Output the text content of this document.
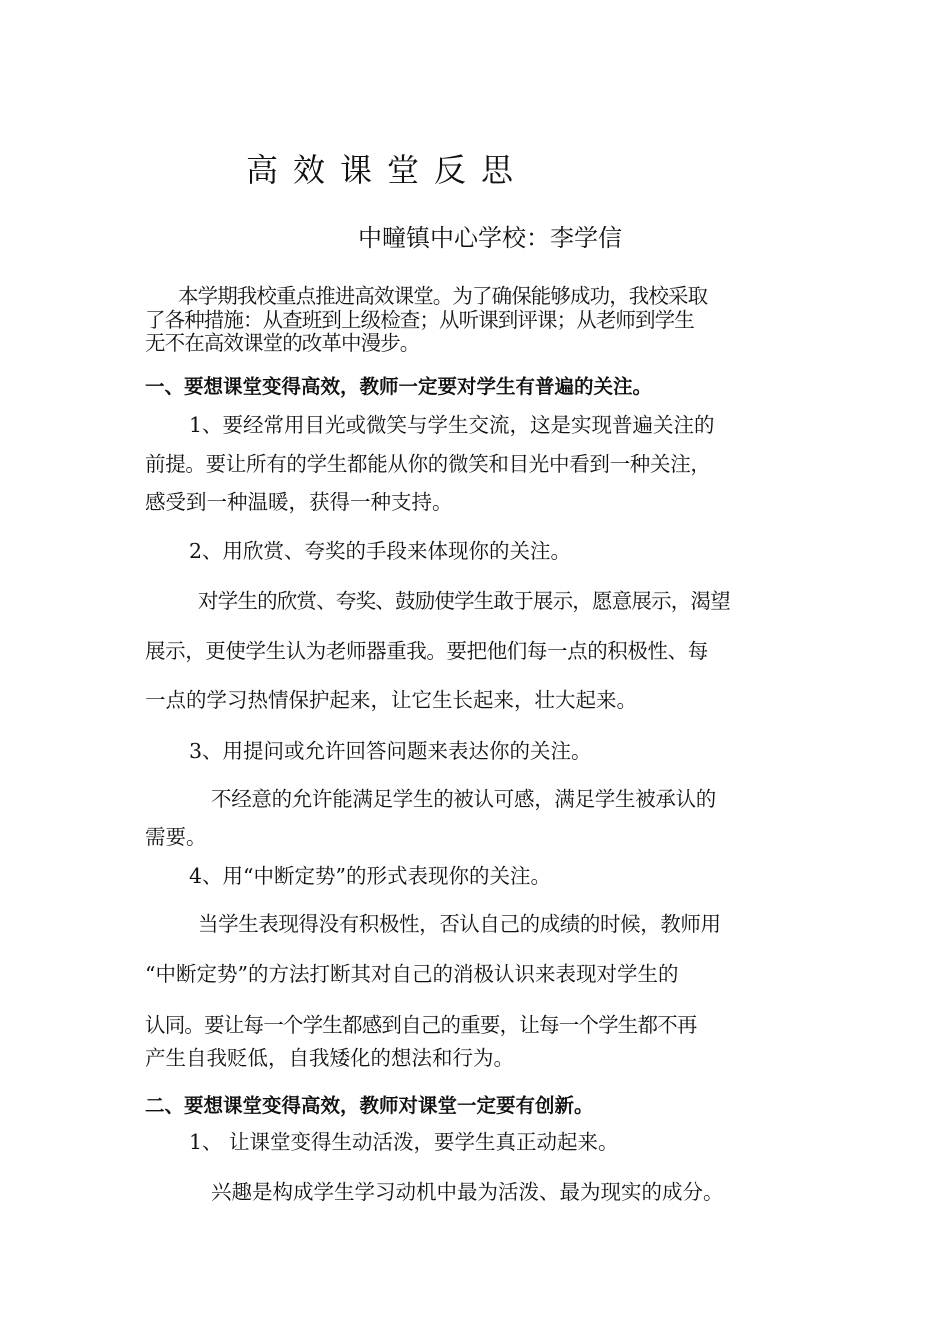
高效课堂反思
中疃镇中心学校：李学信
本学期我校重点推进高效课堂。为了确保能够成功，我校采取
了各种措施：从查班到上级检查；从听课到评课；从老师到学生
无不在高效课堂的改革中漫步。
一、要想课堂变得高效，教师一定要对学生有普遍的关注。
1、要经常用目光或微笑与学生交流，这是实现普遍关注的
前提。要让所有的学生都能从你的微笑和目光中看到一种关注，
感受到一种温暖，获得一种支持。
2、用欣赏、夸奖的手段来体现你的关注。
对学生的欣赏、夸奖、鼓励使学生敢于展示，愿意展示，渴望
展示，更使学生认为老师器重我。要把他们每一点的积极性、每
一点的学习热情保护起来，让它生长起来，壮大起来。
3、用提问或允许回答问题来表达你的关注。
不经意的允许能满足学生的被认可感，满足学生被承认的
需要。
4、用“中断定势”的形式表现你的关注。
当学生表现得没有积极性，否认自己的成绩的时候，教师用
“中断定势”的方法打断其对自己的消极认识来表现对学生的
认同。要让每一个学生都感到自己的重要，让每一个学生都不再
产生自我贬低，自我矮化的想法和行为。
二、要想课堂变得高效，教师对课堂一定要有创新。
1、 让课堂变得生动活泼，要学生真正动起来。
兴趣是构成学生学习动机中最为活泼、最为现实的成分。
